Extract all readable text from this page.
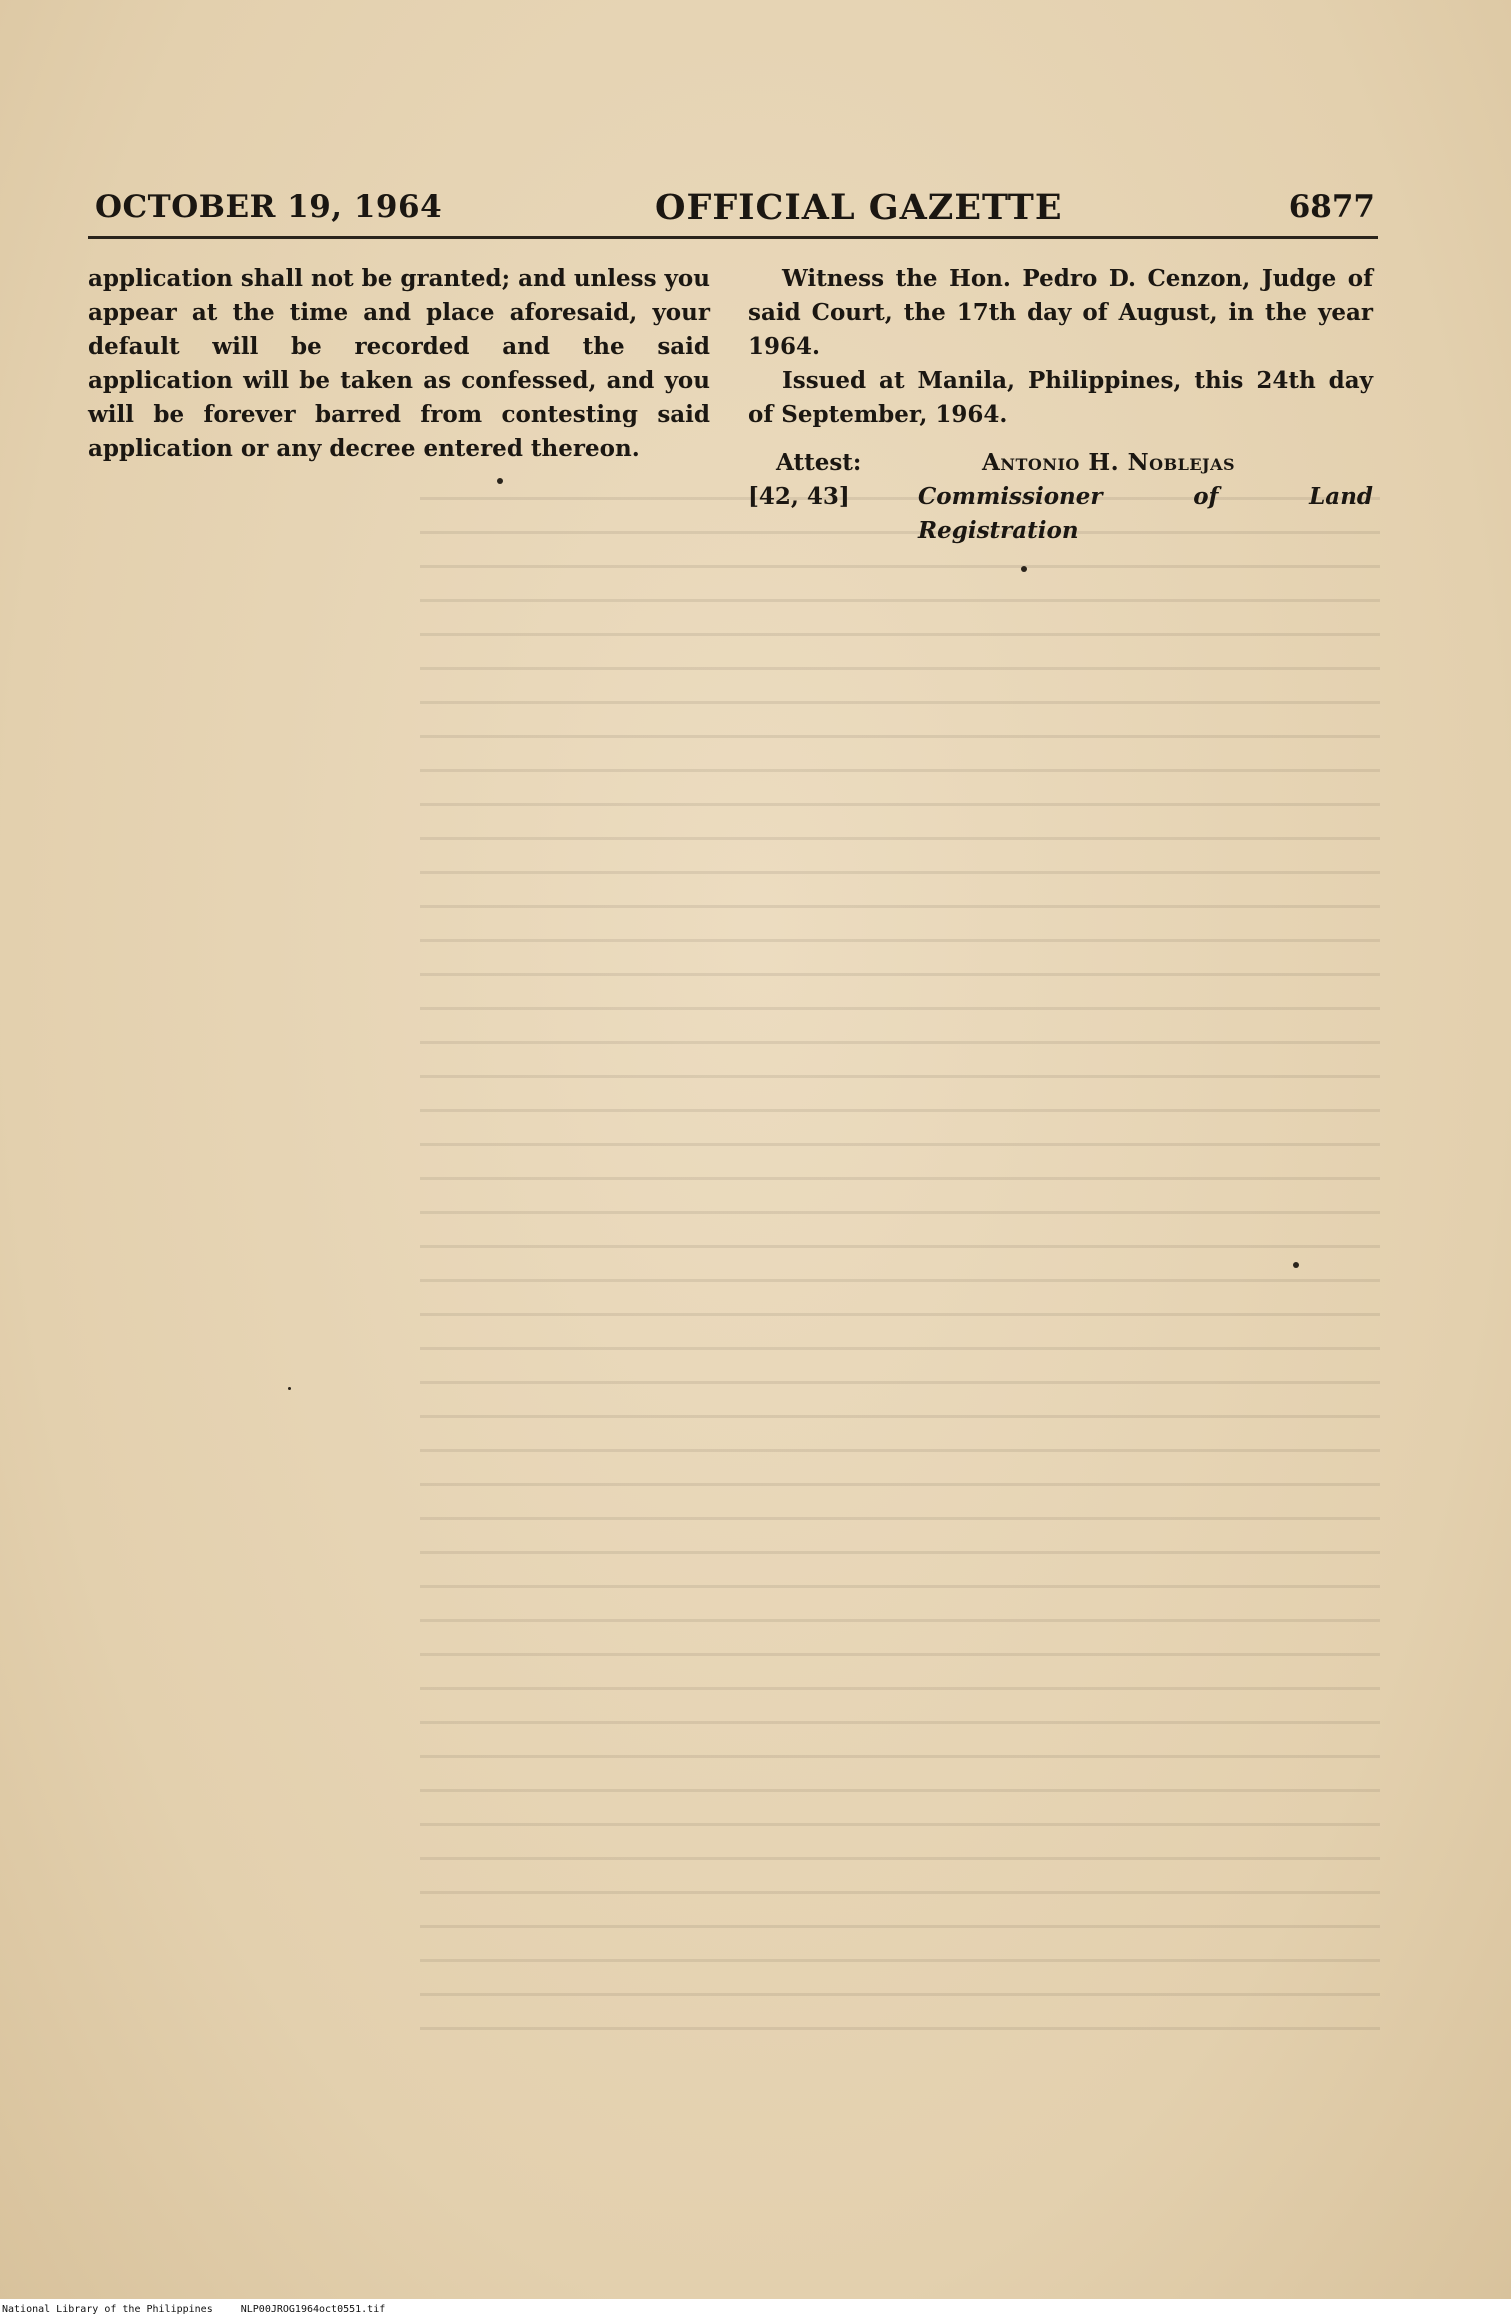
OCTOBER 19, 1964	OFFICIAL GAZETTE	6877

application shall not be granted; and unless you appear at the time and place aforesaid, your default will be recorded and the said application will be taken as confessed, and you will be forever barred from contesting said application or any decree entered thereon.

Witness the Hon. Pedro D. Cenzon, Judge of said Court, the 17th day of August, in the year 1964.

Issued at Manila, Philippines, this 24th day of September, 1964.

Attest:
[42, 43]
Antonio H. Noblejas
Commissioner of Land Registration
National Library of the Philippines	NLP00JROG1964oct0551.tif
